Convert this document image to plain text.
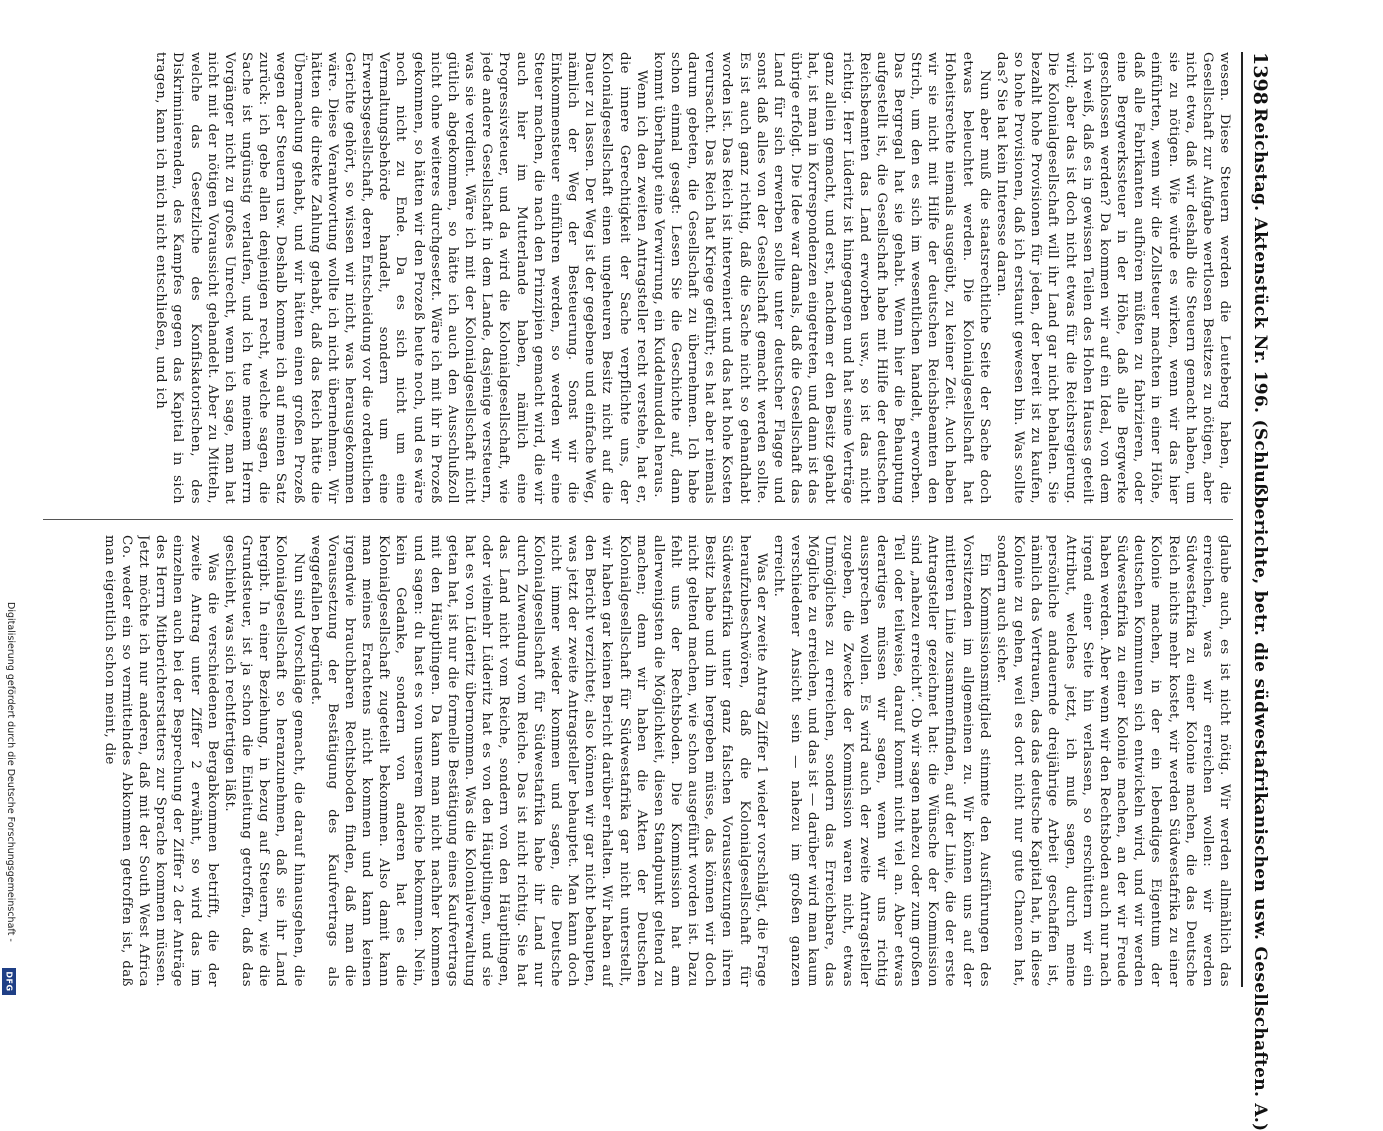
Digitalisierung gefördert durch die Deutsche Forschungsgemeinschaft -
DFG
1398
Reichstag. Aktenstück Nr. 196. (Schlußberichte, betr. die südwestafrikanischen usw. Gesellschaften. A.)

wesen. Diese Steuern werden die Leuteberg haben, die Gesellschaft zur Aufgabe wertlosen Besitzes zu nötigen, aber nicht etwa, daß wir deshalb die Steuern gemacht haben, um sie zu nötigen. Wie würde es wirken, wenn wir das hier einführten, wenn wir die Zollsteuer machten in einer Höhe, daß alle Fabrikanten aufhören müßten zu fabrizieren, oder eine Bergwerkssteuer in der Höhe, daß alle Bergwerke geschlossen werden? Da kommen wir auf ein Ideal, von dem ich weiß, daß es in gewissen Teilen des Hohen Hauses geteilt wird; aber das ist doch nicht etwas für die Reichsregierung. Die Kolonialgesellschaft will ihr Land gar nicht behalten. Sie bezahlt hohe Provisionen für jeden, der bereit ist zu kaufen, so hohe Provisionen, daß ich erstaunt gewesen bin. Was sollte das? Sie hat kein Interesse daran.

Nun aber muß die staatsrechtliche Seite der Sache doch etwas beleuchtet werden. Die Kolonialgesellschaft hat Hoheitsrechte niemals ausgeübt, zu keiner Zeit. Auch haben wir sie nicht mit Hilfe der deutschen Reichsbeamten den Strich, um den es sich im wesentlichen handelt, erworben. Das Bergregal hat sie gehabt. Wenn hier die Behauptung aufgestellt ist, die Gesellschaft habe mit Hilfe der deutschen Reichsbeamten das Land erworben usw., so ist das nicht richtig. Herr Lüderitz ist hingegangen und hat seine Verträge ganz allein gemacht, und erst, nachdem er den Besitz gehabt hat, ist man in Korrespondenzen eingetreten, und dann ist das übrige erfolgt. Die Idee war damals, daß die Gesellschaft das Land für sich erwerben sollte unter deutscher Flagge und sonst daß alles von der Gesellschaft gemacht werden sollte. Es ist auch ganz richtig, daß die Sache nicht so gehandhabt worden ist. Das Reich ist interveniert und das hat hohe Kosten verursacht. Das Reich hat Kriege geführt; es hat aber niemals darum gebeten, die Gesellschaft zu übernehmen. Ich habe schon einmal gesagt: Lesen Sie die Geschichte auf, dann kommt überhaupt eine Verwirrung, ein Kuddelmuddel heraus.

Wenn ich den zweiten Antragsteller recht verstehe, hat er, die innere Gerechtigkeit der Sache verpflichte uns, der Kolonialgesellschaft einen ungeheuren Besitz nicht auf die Dauer zu lassen. Der Weg ist der gegebene und einfache Weg, nämlich der Weg der Besteuerung. Sonst wir die Einkommensteuer einführen werden, so werden wir eine Steuer machen, die nach den Prinzipien gemacht wird, die wir auch hier im Mutterlande haben, nämlich eine Progressivsteuer, und da wird die Kolonialgesellschaft, wie jede andere Gesellschaft in dem Lande, dasjenige versteuern, was sie verdient. Wäre ich mit der Kolonialgesellschaft nicht gütlich abgekommen, so hätte ich auch den Ausschlußzoll nicht ohne weiteres durchgesetzt. Wäre ich mit ihr in Prozeß gekommen, so hätten wir den Prozeß heute noch, und es wäre noch nicht zu Ende. Da es sich nicht um eine Vermaltungsbehörde handelt, sondern um eine Erwerbsgesellschaft, deren Entscheidung vor die ordentlichen Gerichte gehört, so wissen wir nicht, was herausgekommen wäre. Diese Verantwortung wollte ich nicht übernehmen. Wir hätten die direkte Zahlung gehabt, daß das Reich hätte die Übermachung gehabt, und wir hätten einen großen Prozeß wegen der Steuern usw. Deshalb komme ich auf meinen Satz zurück: ich gebe allen denjenigen recht, welche sagen, die Sache ist ungünstig verlaufen, und ich tue meinem Herrn Vorgänger nicht zu großes Unrecht, wenn ich sage, man hat nicht mit der nötigen Voraussicht gehandelt. Aber zu Mitteln, welche das Gesetzliche des Konfiskatorischen, des Diskriminierenden, des Kampfes gegen das Kapital in sich tragen, kann ich mich nicht entschließen, und ich

glaube auch, es ist nicht nötig. Wir werden allmählich das erreichen, was wir erreichen wollen: wir werden Südwestafrika zu einer Kolonie machen, die das Deutsche Reich nichts mehr kostet, wir werden Südwestafrika zu einer Kolonie machen, in der ein lebendiges Eigentum der deutschen Kommunen sich entwickeln wird, und wir werden Südwestafrika zu einer Kolonie machen, an der wir Freude haben werden. Aber wenn wir den Rechtsboden auch nur nach irgend einer Seite hin verlassen, so erschüttern wir ein Attribut, welches jetzt, ich muß sagen, durch meine persönliche andauernde dreijährige Arbeit geschaffen ist, nämlich das Vertrauen, das das deutsche Kapital hat, in diese Kolonie zu gehen, weil es dort nicht nur gute Chancen hat, sondern auch sicher.

Ein Kommissionsmitglied stimmte den Ausführungen des Vorsitzenden im allgemeinen zu. Wir können uns auf der mittleren Linie zusammenfinden, auf der Linie, die der erste Antragsteller gezeichnet hat: die Wünsche der Kommission sind „nahezu erreicht“. Ob wir sagen nahezu oder zum großen Teil oder teilweise, darauf kommt nicht viel an. Aber etwas derartiges müssen wir sagen, wenn wir uns richtig aussprechen wollen. Es wird auch der zweite Antragsteller zugeben, die Zwecke der Kommission waren nicht, etwas Unmögliches zu erreichen, sondern das Erreichbare, das Mögliche zu erreichen, und das ist — darüber wird man kaum verschiedener Ansicht sein — nahezu im großen ganzen erreicht.

Was der zweite Antrag Ziffer 1 wieder vorschlägt, die Frage heraufzubeschwören, daß die Kolonialgesellschaft für Südwestafrika unter ganz falschen Voraussetzungen ihren Besitz habe und ihn hergeben müsse, das können wir doch nicht geltend machen, wie schon ausgeführt worden ist. Dazu fehlt uns der Rechtsboden. Die Kommission hat am allerwenigsten die Möglichkeit, diesen Standpunkt geltend zu machen; denn wir haben die Akten der Deutschen Kolonialgesellschaft für Südwestafrika gar nicht unterstellt, wir haben gar keinen Bericht darüber erhalten. Wir haben auf den Bericht verzichtet; also können wir gar nicht behaupten, was jetzt der zweite Antragsteller behauptet. Man kann doch nicht immer wieder kommen und sagen, die Deutsche Kolonialgesellschaft für Südwestafrika habe ihr Land nur durch Zuwendung vom Reiche. Das ist nicht richtig. Sie hat das Land nicht vom Reiche, sondern von den Häuptlingen, oder vielmehr Lüderitz hat es von den Häuptlingen, und sie hat es von Lüderitz übernommen. Was die Kolonialverwaltung getan hat, ist nur die formelle Bestätigung eines Kaufvertrags mit den Häuptlingen. Da kann man nicht nachher kommen und sagen: du hast es von unserem Reiche bekommen. Nein, kein Gedanke, sondern von anderen hat es die Kolonialgesellschaft zugeteilt bekommen. Also damit kann man meines Erachtens nicht kommen und kann keinen irgendwie brauchbaren Rechtsboden finden, daß man die Voraussetzung der Bestätigung des Kaufvertrags als weggefallen begründet.

Nun sind Vorschläge gemacht, die darauf hinausgehen, die Kolonialgesellschaft so heranzunehmen, daß sie ihr Land hergibt. In einer Beziehung, in bezug auf Steuern, wie die Grundsteuer, ist ja schon die Einleitung getroffen, daß das geschieht, was sich rechtfertigen läßt.

Was die verschiedenen Bergabkommen betrifft, die der zweite Antrag unter Ziffer 2 erwähnt, so wird das im einzelnen auch bei der Besprechung der Ziffer 2 der Anträge des Herrn Mitberichterstatters zur Sprache kommen müssen. Jetzt möchte ich nur anderen, daß mit der South West Africa Co. weder ein so vermittelndes Abkommen getroffen ist, daß man eigentlich schon meint, die
